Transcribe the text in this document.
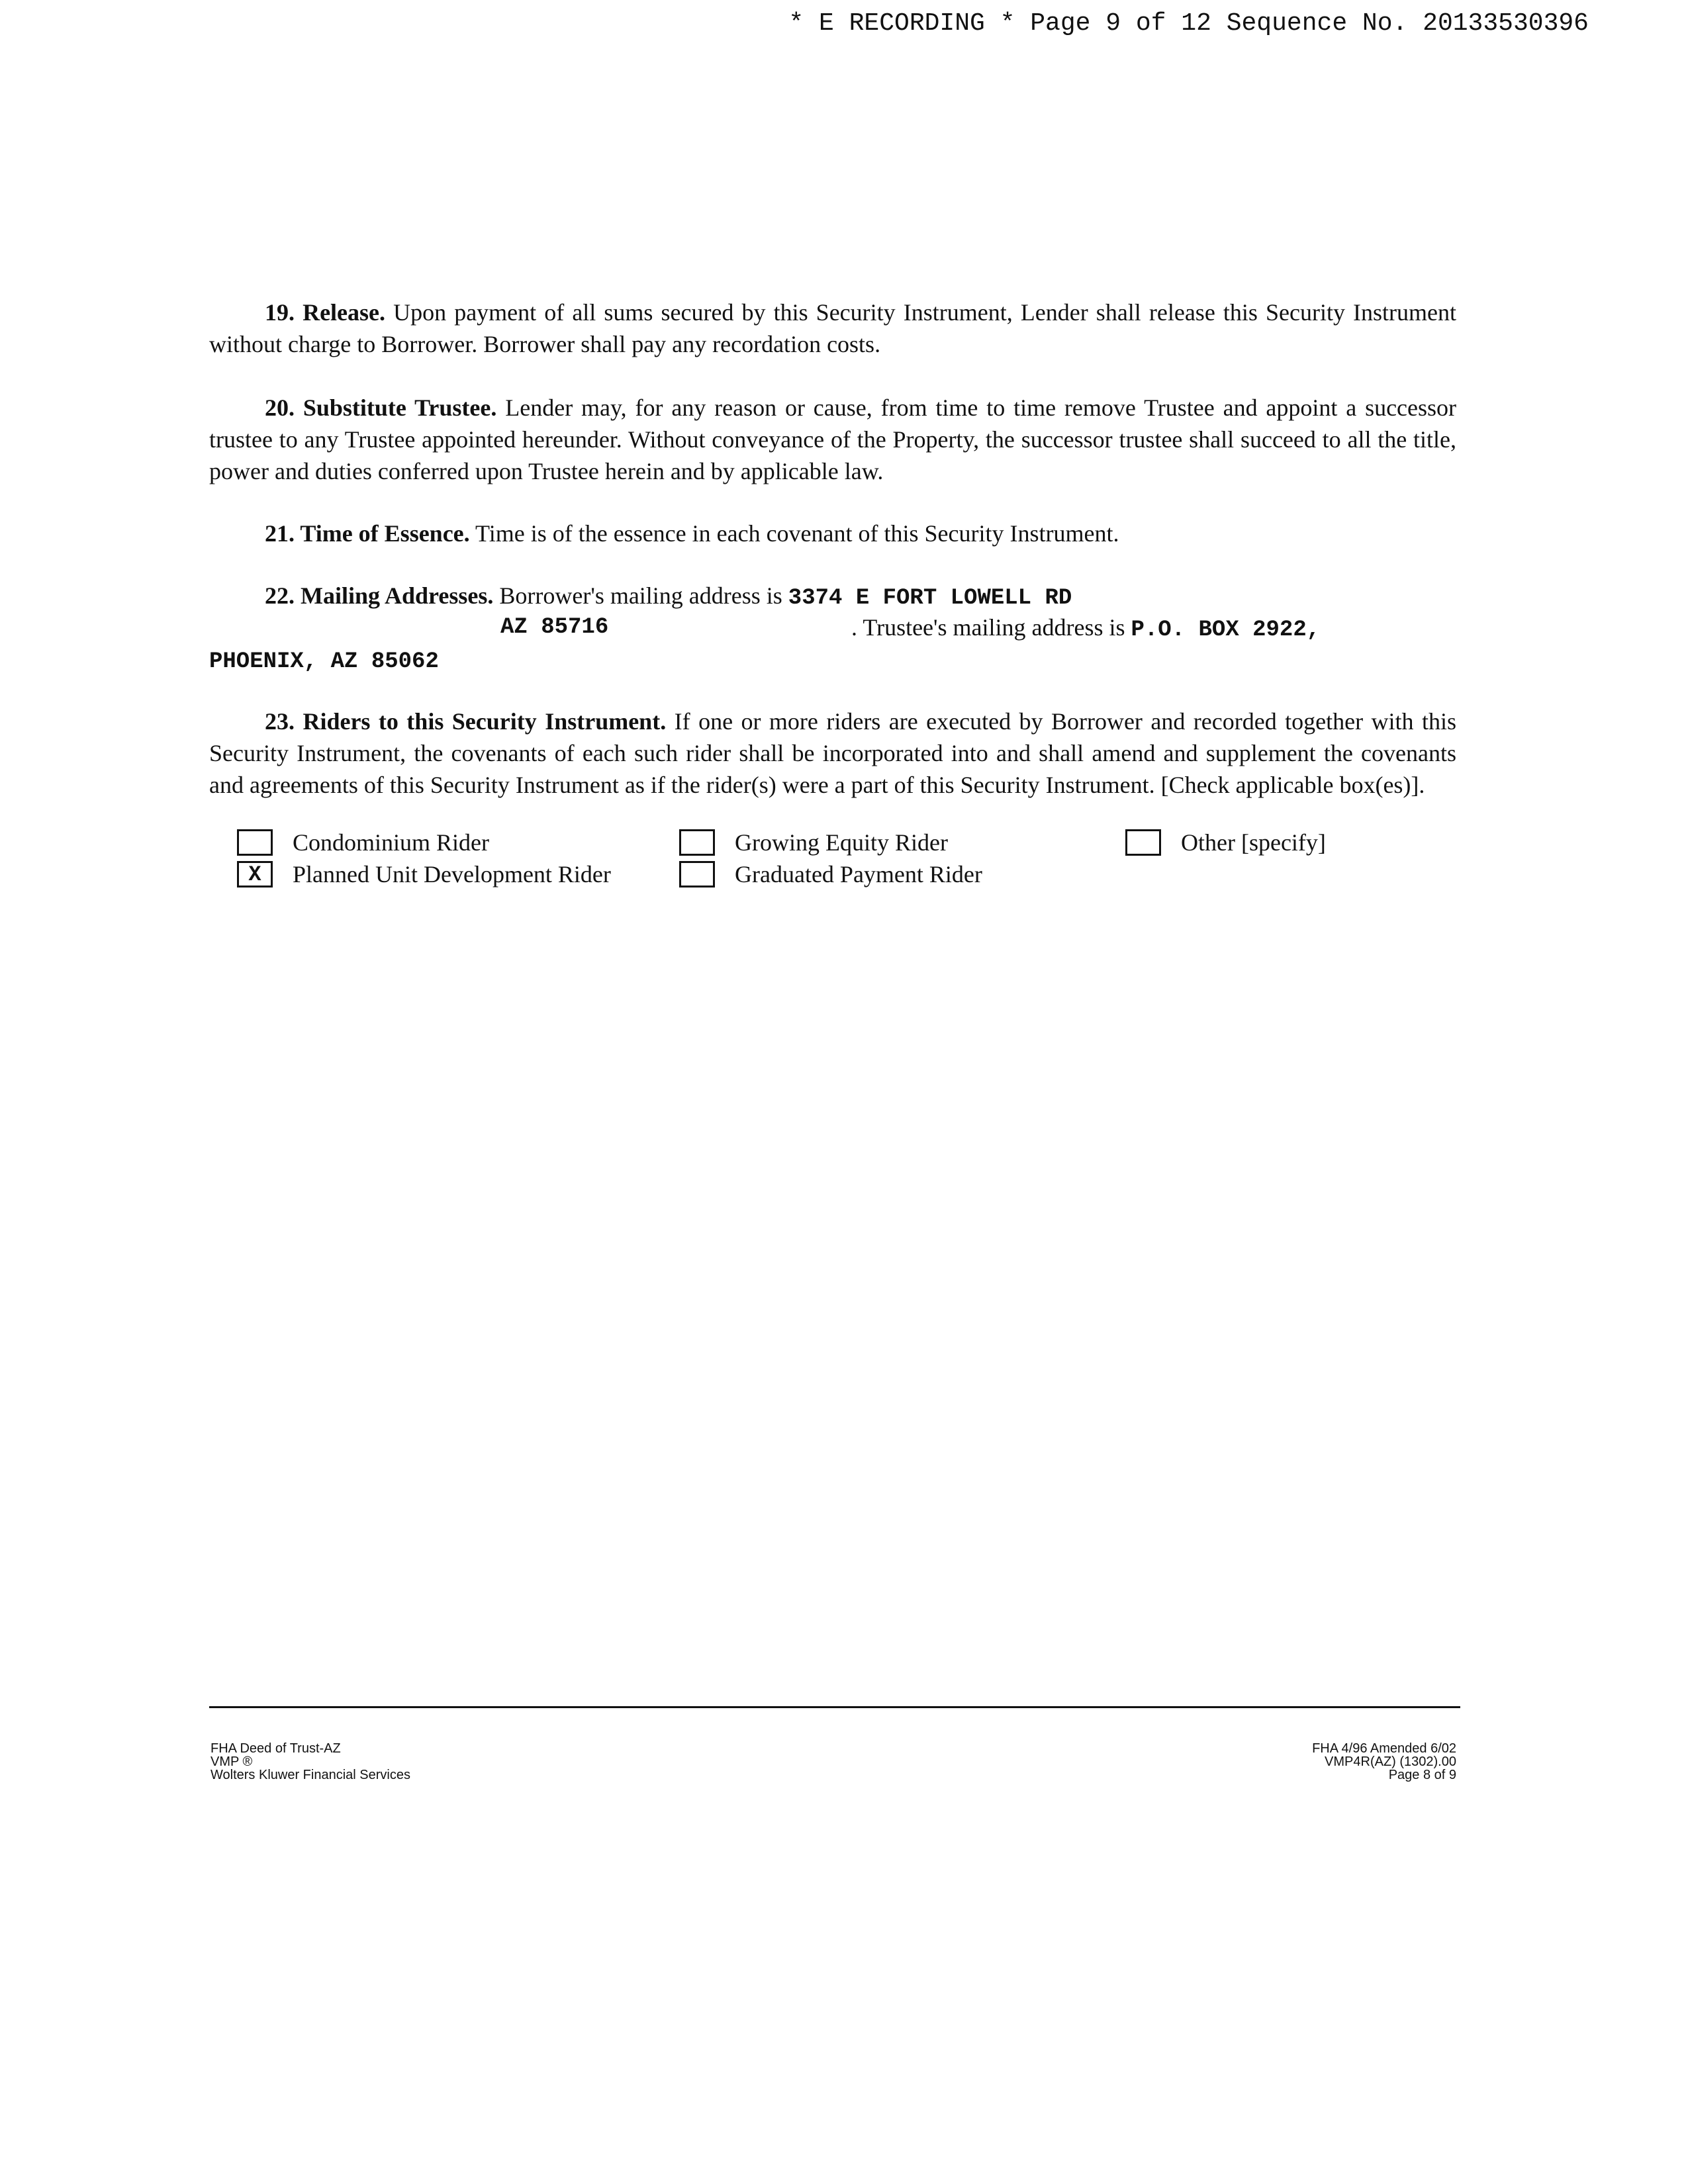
* E RECORDING * Page 9 of 12 Sequence No. 20133530396
19. Release. Upon payment of all sums secured by this Security Instrument, Lender shall release this Security Instrument without charge to Borrower. Borrower shall pay any recordation costs.
20. Substitute Trustee. Lender may, for any reason or cause, from time to time remove Trustee and appoint a successor trustee to any Trustee appointed hereunder. Without conveyance of the Property, the successor trustee shall succeed to all the title, power and duties conferred upon Trustee herein and by applicable law.
21. Time of Essence. Time is of the essence in each covenant of this Security Instrument.
22. Mailing Addresses. Borrower's mailing address is 3374 E FORT LOWELL RD
AZ 85716	. Trustee's mailing address is P.O. BOX 2922,
PHOENIX, AZ 85062
23. Riders to this Security Instrument. If one or more riders are executed by Borrower and recorded together with this Security Instrument, the covenants of each such rider shall be incorporated into and shall amend and supplement the covenants and agreements of this Security Instrument as if the rider(s) were a part of this Security Instrument. [Check applicable box(es)].
Condominium Rider	Growing Equity Rider	Other [specify]
X	Planned Unit Development Rider	Graduated Payment Rider
FHA Deed of Trust-AZ
VMP ®
Wolters Kluwer Financial Services
FHA 4/96 Amended 6/02
VMP4R(AZ) (1302).00
Page 8 of 9
